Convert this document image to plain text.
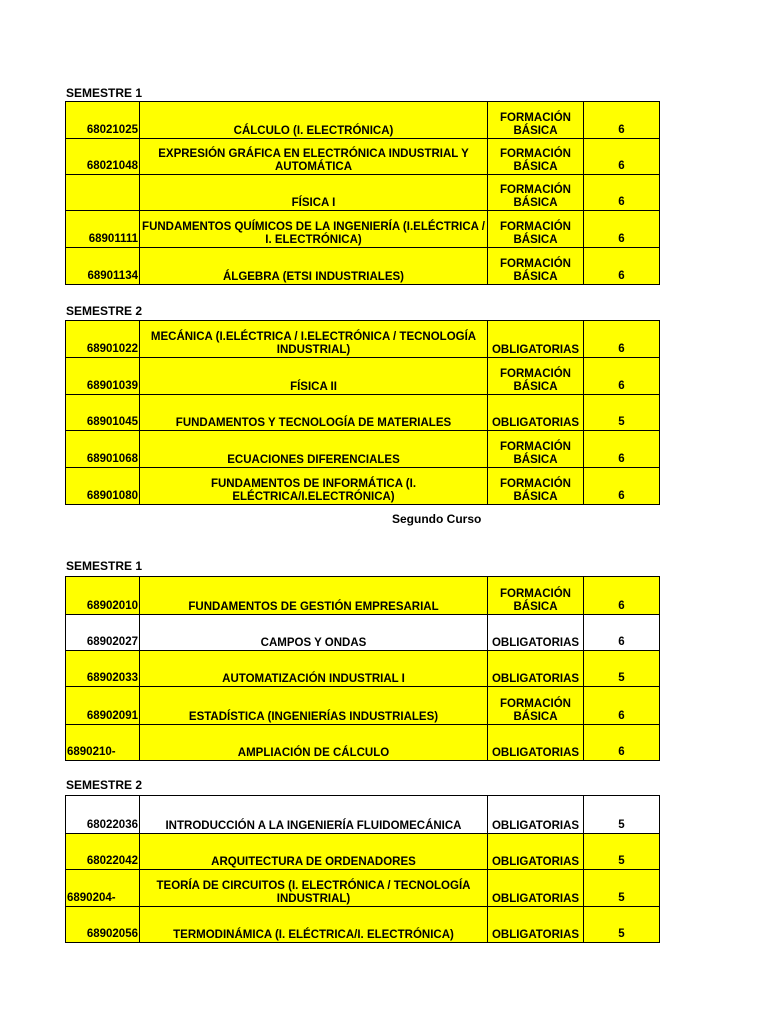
SEMESTRE 1
68021025	CÁLCULO (I. ELECTRÓNICA)	FORMACIÓN BÁSICA	6
68021048	EXPRESIÓN GRÁFICA EN ELECTRÓNICA INDUSTRIAL Y AUTOMÁTICA	FORMACIÓN BÁSICA	6
	FÍSICA I	FORMACIÓN BÁSICA	6
68901111	FUNDAMENTOS QUÍMICOS DE LA INGENIERÍA (I.ELÉCTRICA / I. ELECTRÓNICA)	FORMACIÓN BÁSICA	6
68901134	ÁLGEBRA (ETSI INDUSTRIALES)	FORMACIÓN BÁSICA	6
SEMESTRE 2
68901022	MECÁNICA (I.ELÉCTRICA / I.ELECTRÓNICA / TECNOLOGÍA INDUSTRIAL)	OBLIGATORIAS	6
68901039	FÍSICA II	FORMACIÓN BÁSICA	6
68901045	FUNDAMENTOS Y TECNOLOGÍA DE MATERIALES	OBLIGATORIAS	5
68901068	ECUACIONES DIFERENCIALES	FORMACIÓN BÁSICA	6
68901080	FUNDAMENTOS DE INFORMÁTICA (I. ELÉCTRICA/I.ELECTRÓNICA)	FORMACIÓN BÁSICA	6
Segundo Curso
SEMESTRE 1
68902010	FUNDAMENTOS DE GESTIÓN EMPRESARIAL	FORMACIÓN BÁSICA	6
68902027	CAMPOS Y ONDAS	OBLIGATORIAS	6
68902033	AUTOMATIZACIÓN INDUSTRIAL I	OBLIGATORIAS	5
68902091	ESTADÍSTICA (INGENIERÍAS INDUSTRIALES)	FORMACIÓN BÁSICA	6
6890210-	AMPLIACIÓN DE CÁLCULO	OBLIGATORIAS	6
SEMESTRE 2
68022036	INTRODUCCIÓN A LA INGENIERÍA FLUIDOMECÁNICA	OBLIGATORIAS	5
68022042	ARQUITECTURA DE ORDENADORES	OBLIGATORIAS	5
6890204-	TEORÍA DE CIRCUITOS (I. ELECTRÓNICA / TECNOLOGÍA INDUSTRIAL)	OBLIGATORIAS	5
68902056	TERMODINÁMICA (I. ELÉCTRICA/I. ELECTRÓNICA)	OBLIGATORIAS	5
